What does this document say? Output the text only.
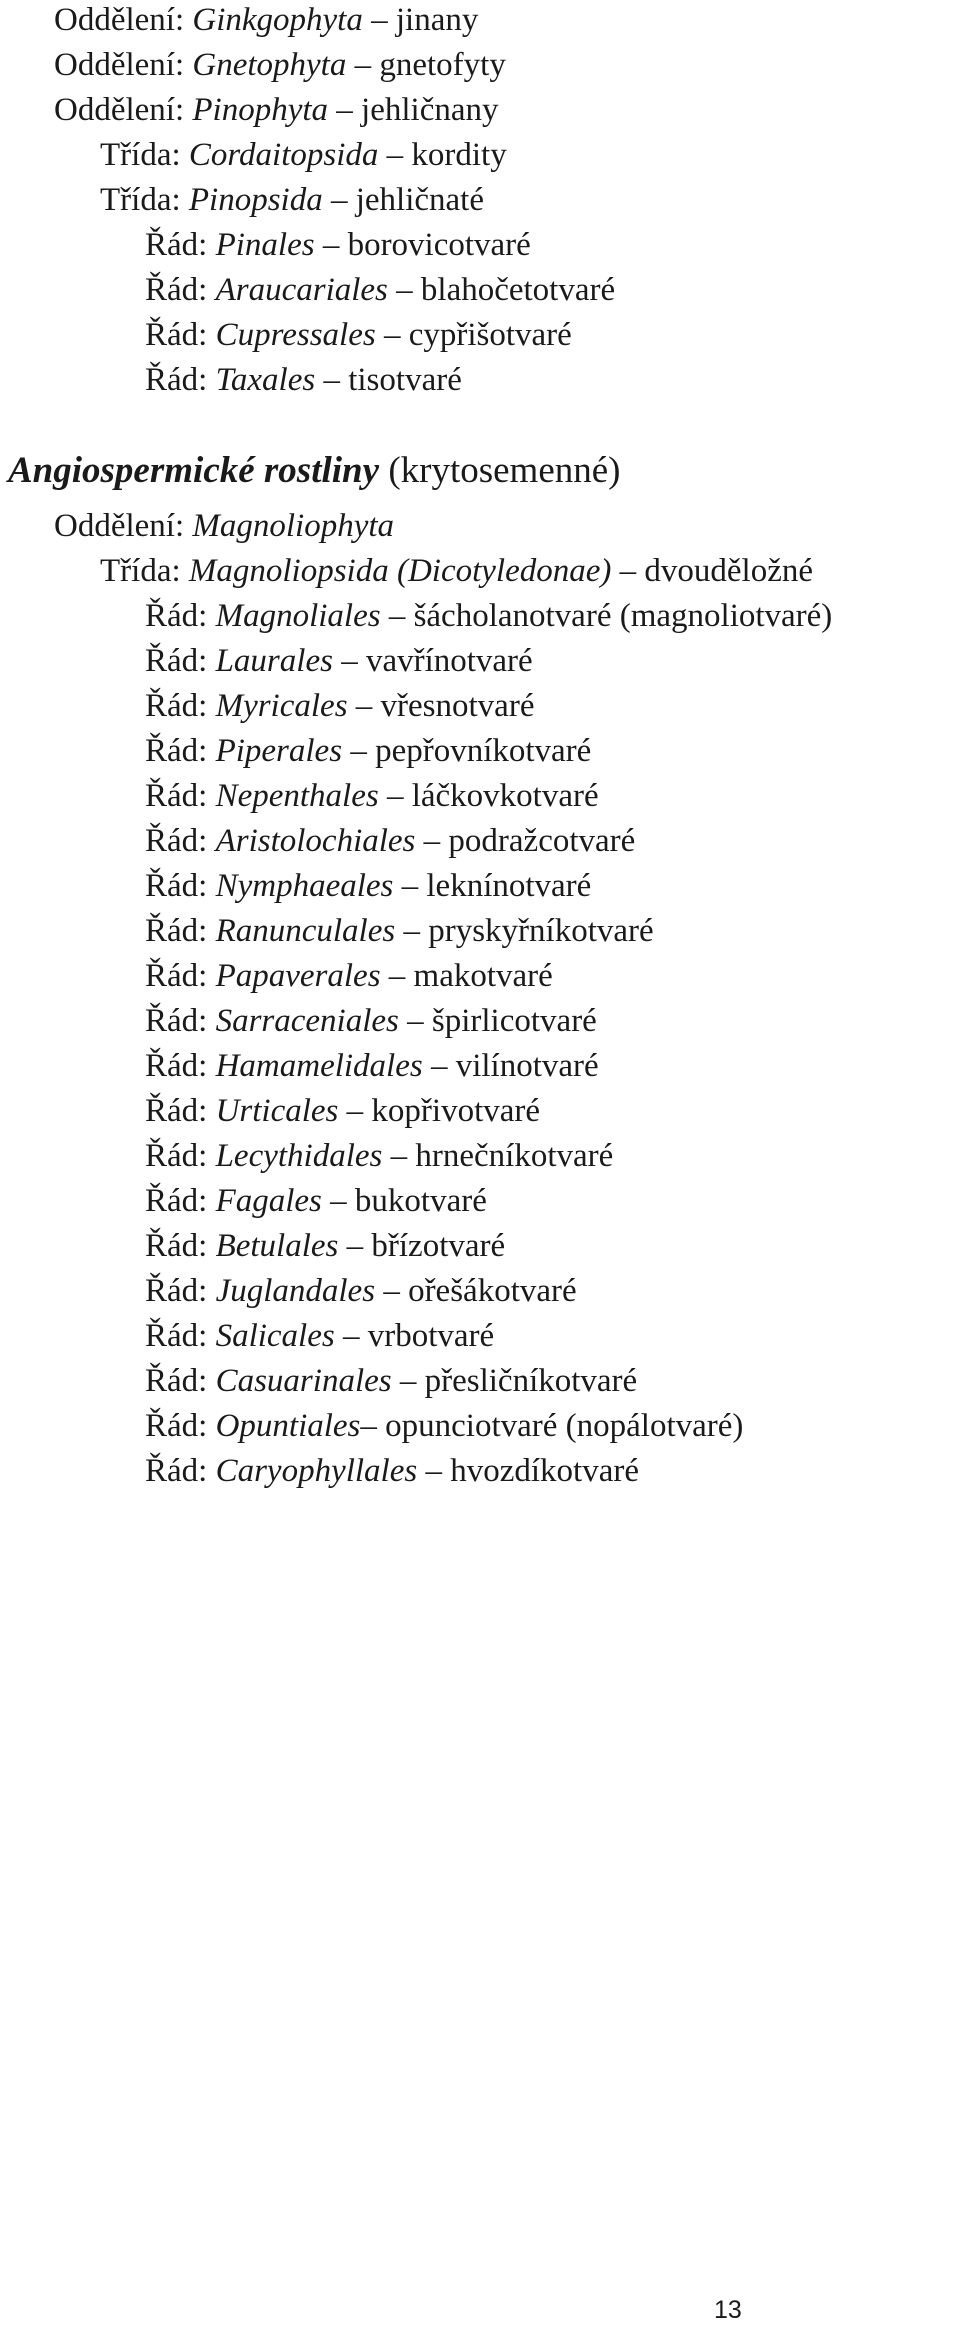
Oddělení: Ginkgophyta – jinany
Oddělení: Gnetophyta – gnetofyty
Oddělení: Pinophyta – jehličnany
Třída: Cordaitopsida – kordity
Třída: Pinopsida – jehličnaté
Řád: Pinales – borovicotvaré
Řád: Araucariales – blahočetotvaré
Řád: Cupressales – cypřišotvaré
Řád: Taxales – tisotvaré
Angiospermické rostliny (krytosemenné)
Oddělení: Magnoliophyta
Třída: Magnoliopsida (Dicotyledonae) – dvouděložné
Řád: Magnoliales – šácholanotvaré (magnoliotvaré)
Řád: Laurales – vavřínotvaré
Řád: Myricales – vřesnotvaré
Řád: Piperales – pepřovníkotvaré
Řád: Nepenthales – láčkovkotvaré
Řád: Aristolochiales – podražcotvaré
Řád: Nymphaeales – leknínotvaré
Řád: Ranunculales – pryskyřníkotvaré
Řád: Papaverales – makotvaré
Řád: Sarraceniales – špirlicotvaré
Řád: Hamamelidales – vilínotvaré
Řád: Urticales – kopřivotvaré
Řád: Lecythidales – hrnečníkotvaré
Řád: Fagales – bukotvaré
Řád: Betulales – břízotvaré
Řád: Juglandales – ořešákotvaré
Řád: Salicales – vrbotvaré
Řád: Casuarinales – přesličníkotvaré
Řád: Opuntiales– opunciotvaré (nopálotvaré)
Řád: Caryophyllales – hvozdíkotvaré
13
